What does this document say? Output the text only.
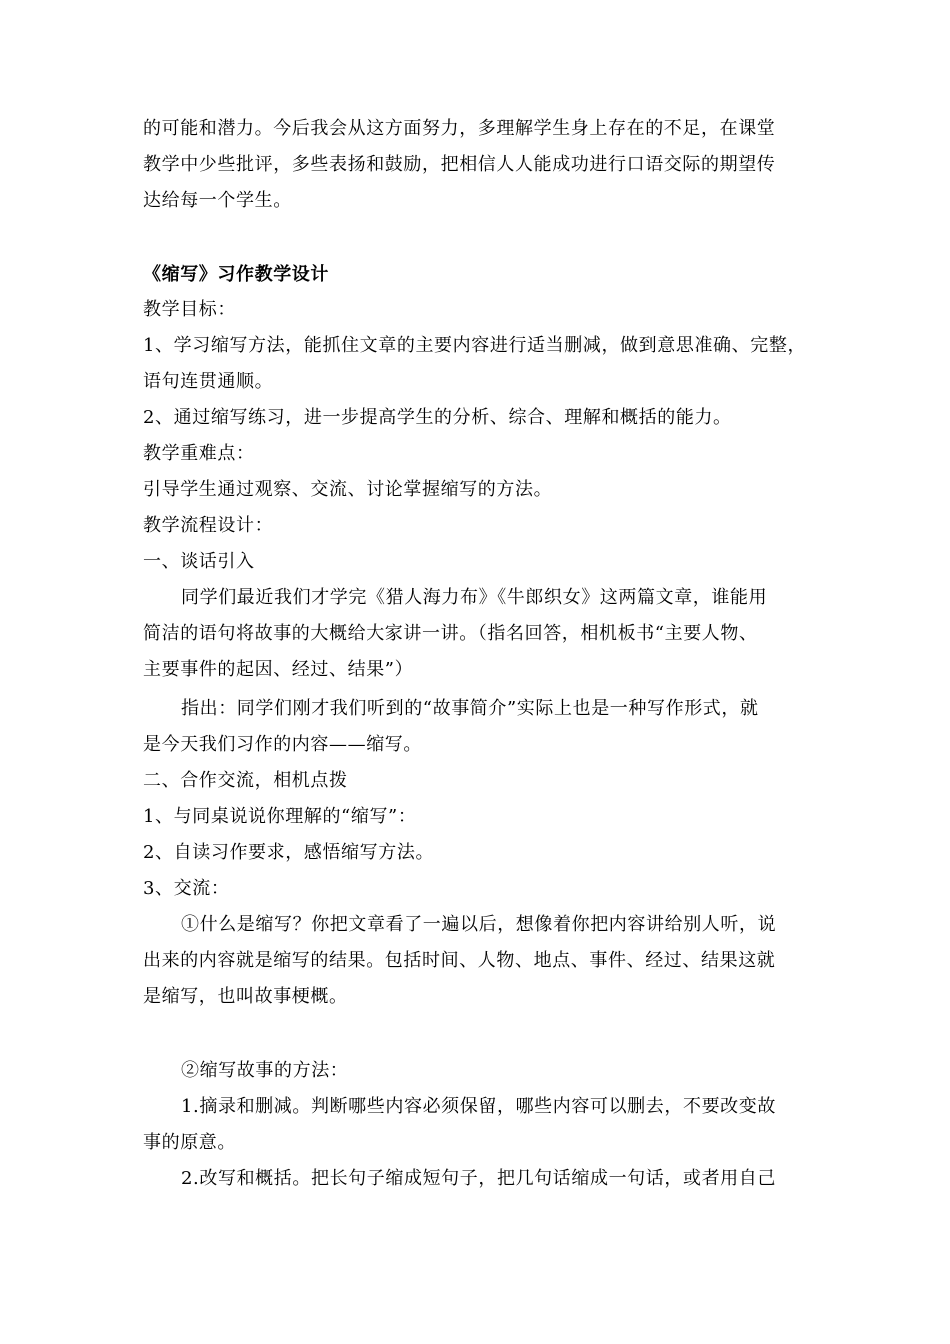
的可能和潜力。今后我会从这方面努力，多理解学生身上存在的不足，在课堂
教学中少些批评，多些表扬和鼓励，把相信人人能成功进行口语交际的期望传
达给每一个学生。
《缩写》习作教学设计
教学目标：
1、学习缩写方法，能抓住文章的主要内容进行适当删减，做到意思准确、完整，
语句连贯通顺。
2、通过缩写练习，进一步提高学生的分析、综合、理解和概括的能力。
教学重难点：
引导学生通过观察、交流、讨论掌握缩写的方法。
教学流程设计：
一、谈话引入
同学们最近我们才学完《猎人海力布》《牛郎织女》这两篇文章，谁能用
简洁的语句将故事的大概给大家讲一讲。（指名回答，相机板书“主要人物、
主要事件的起因、经过、结果”）
指出：同学们刚才我们听到的“故事简介”实际上也是一种写作形式，就
是今天我们习作的内容——缩写。
二、合作交流，相机点拨
1、与同桌说说你理解的“缩写”：
2、自读习作要求，感悟缩写方法。
3、交流：
①什么是缩写？你把文章看了一遍以后，想像着你把内容讲给别人听，说
出来的内容就是缩写的结果。包括时间、人物、地点、事件、经过、结果这就
是缩写，也叫故事梗概。
②缩写故事的方法：
1.摘录和删减。判断哪些内容必须保留，哪些内容可以删去，不要改变故
事的原意。
2.改写和概括。把长句子缩成短句子，把几句话缩成一句话，或者用自己
